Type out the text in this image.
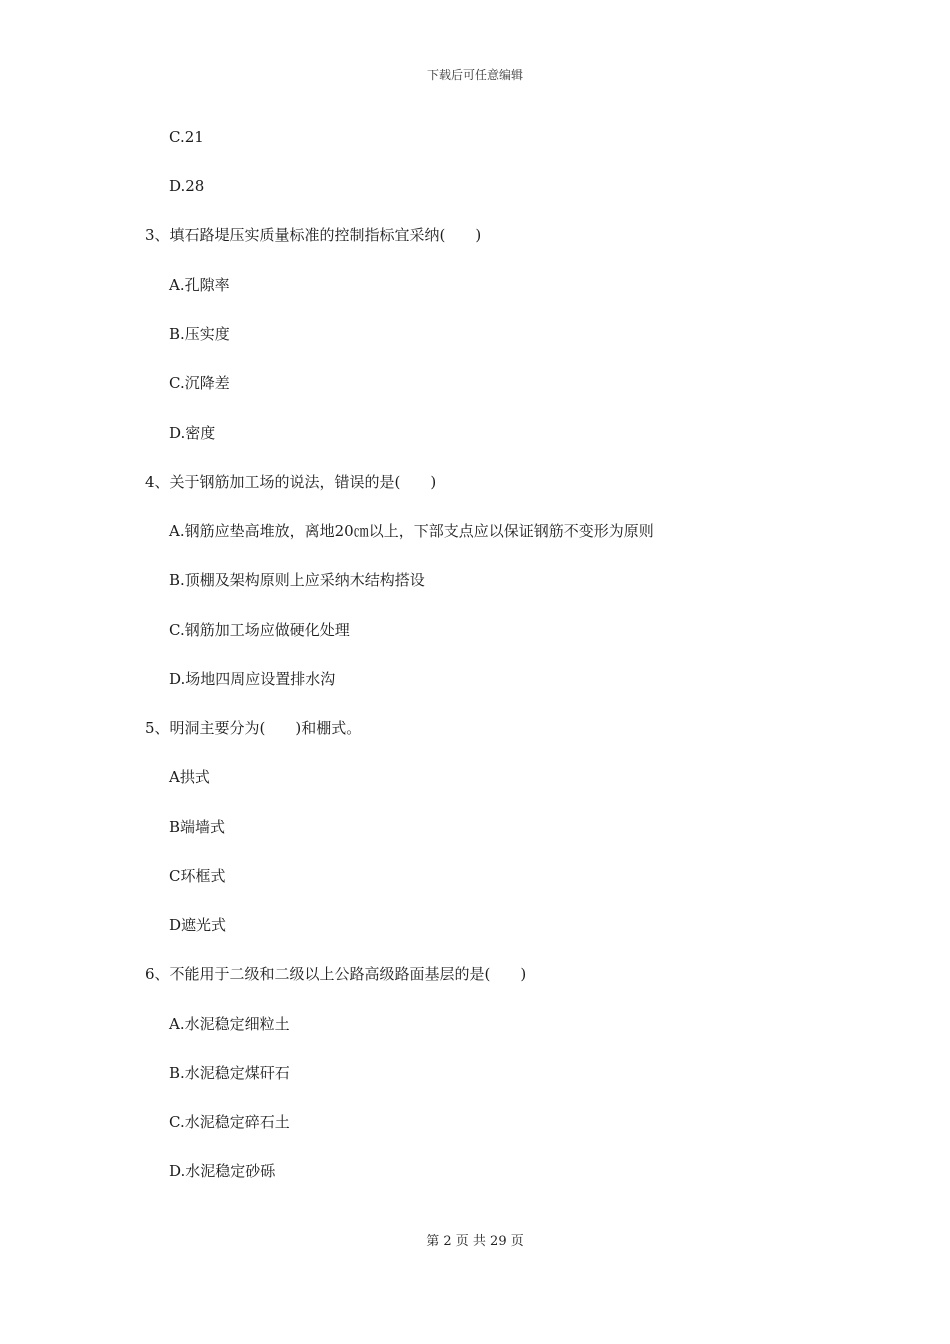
下载后可任意编辑
C.21
D.28
3、填石路堤压实质量标准的控制指标宜采纳(　　)
A.孔隙率
B.压实度
C.沉降差
D.密度
4、关于钢筋加工场的说法，错误的是(　　)
A.钢筋应垫高堆放，离地20㎝以上，下部支点应以保证钢筋不变形为原则
B.顶棚及架构原则上应采纳木结构搭设
C.钢筋加工场应做硬化处理
D.场地四周应设置排水沟
5、明洞主要分为(　　)和棚式。
A拱式
B端墙式
C环框式
D遮光式
6、不能用于二级和二级以上公路高级路面基层的是(　　)
A.水泥稳定细粒土
B.水泥稳定煤矸石
C.水泥稳定碎石土
D.水泥稳定砂砾
第 2 页 共 29 页
